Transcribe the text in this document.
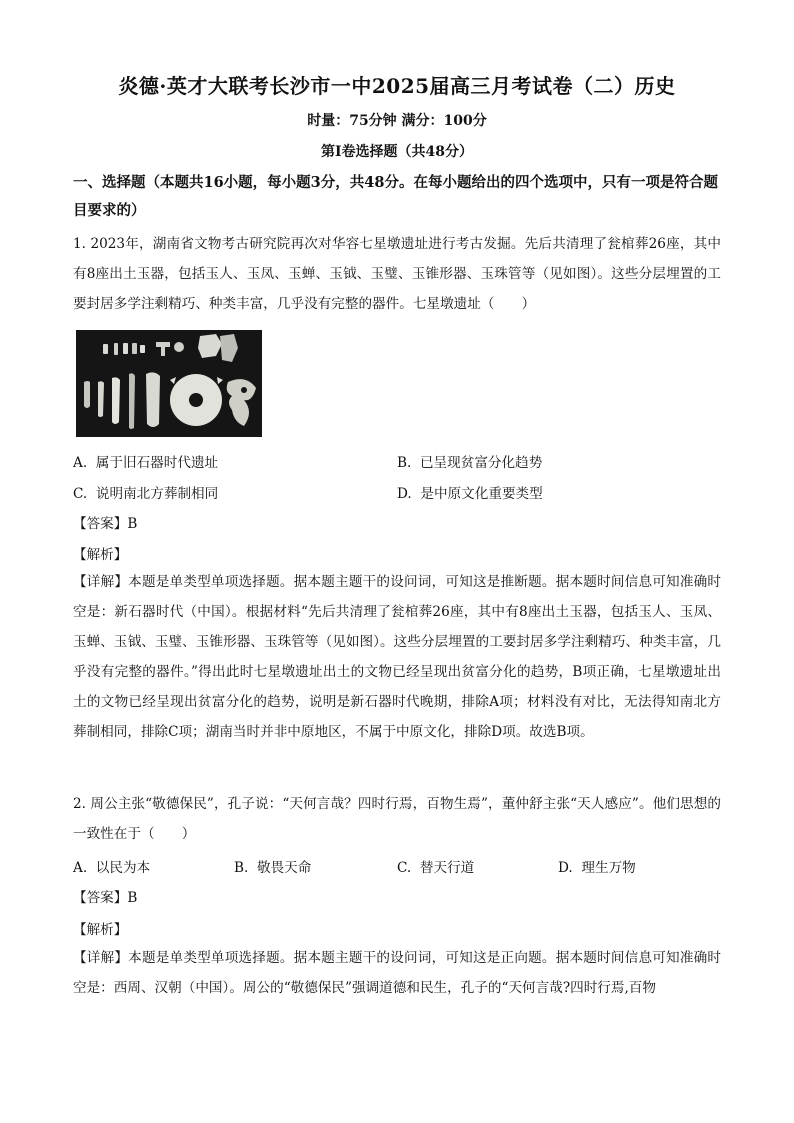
炎德·英才大联考长沙市一中2025届高三月考试卷（二）历史
时量：75分钟 满分：100分
第Ⅰ卷选择题（共48分）
一、选择题（本题共16小题，每小题3分，共48分。在每小题给出的四个选项中，只有一项是符合题目要求的）
1. 2023年，湖南省文物考古研究院再次对华容七星墩遗址进行考古发掘。先后共清理了瓮棺葬26座，其中有8座出土玉器，包括玉人、玉凤、玉蝉、玉钺、玉璧、玉锥形器、玉珠管等（见如图）。这些分层埋置的工要封居多学注剩精巧、种类丰富，几乎没有完整的器件。七星墩遗址（　　）
A. 属于旧石器时代遗址	B. 已呈现贫富分化趋势
C. 说明南北方葬制相同	D. 是中原文化重要类型
【答案】B
【解析】
【详解】本题是单类型单项选择题。据本题主题干的设问词，可知这是推断题。据本题时间信息可知准确时空是：新石器时代（中国）。根据材料“先后共清理了瓮棺葬26座，其中有8座出土玉器，包括玉人、玉凤、玉蝉、玉钺、玉璧、玉锥形器、玉珠管等（见如图）。这些分层埋置的工要封居多学注剩精巧、种类丰富，几乎没有完整的器件。”得出此时七星墩遗址出土的文物已经呈现出贫富分化的趋势，B项正确，七星墩遗址出土的文物已经呈现出贫富分化的趋势，说明是新石器时代晚期，排除A项；材料没有对比，无法得知南北方葬制相同，排除C项；湖南当时并非中原地区，不属于中原文化，排除D项。故选B项。
2. 周公主张“敬德保民”，孔子说：“天何言哉？四时行焉，百物生焉”，董仲舒主张“天人感应”。他们思想的一致性在于（　　）
A. 以民为本	B. 敬畏天命	C. 替天行道	D. 理生万物
【答案】B
【解析】
【详解】本题是单类型单项选择题。据本题主题干的设问词，可知这是正向题。据本题时间信息可知准确时空是：西周、汉朝（中国）。周公的“敬德保民”强调道德和民生，孔子的“天何言哉?四时行焉,百物
